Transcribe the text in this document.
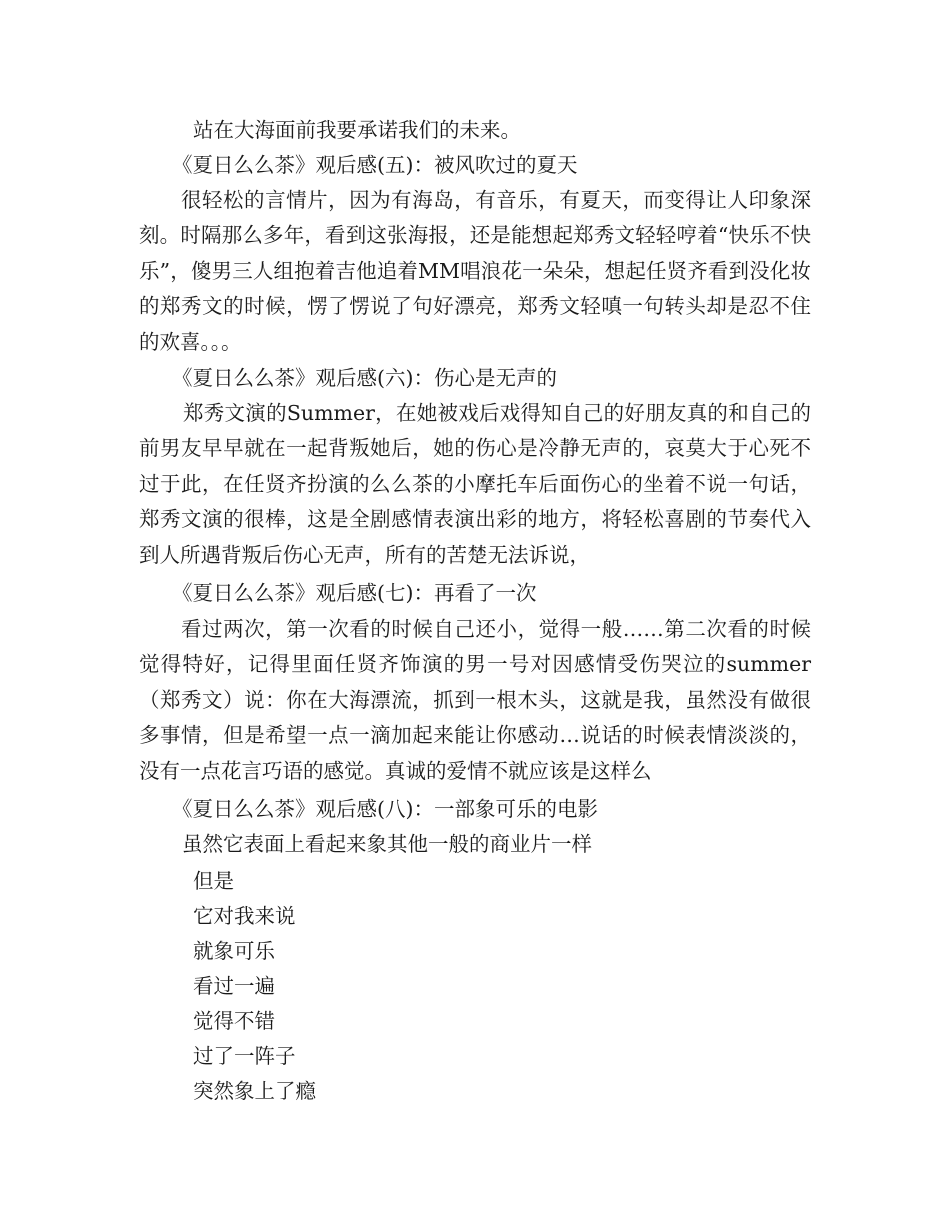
站在大海面前我要承诺我们的未来。
《夏日么么茶》观后感(五)：被风吹过的夏天
很轻松的言情片，因为有海岛，有音乐，有夏天，而变得让人印象深刻。时隔那么多年，看到这张海报，还是能想起郑秀文轻轻哼着“快乐不快乐”，傻男三人组抱着吉他追着MM唱浪花一朵朵，想起任贤齐看到没化妆的郑秀文的时候，愣了愣说了句好漂亮，郑秀文轻嗔一句转头却是忍不住的欢喜。。。
《夏日么么茶》观后感(六)：伤心是无声的
郑秀文演的Summer，在她被戏后戏得知自己的好朋友真的和自己的前男友早早就在一起背叛她后，她的伤心是冷静无声的，哀莫大于心死不过于此，在任贤齐扮演的么么茶的小摩托车后面伤心的坐着不说一句话，郑秀文演的很棒，这是全剧感情表演出彩的地方，将轻松喜剧的节奏代入到人所遇背叛后伤心无声，所有的苦楚无法诉说，
《夏日么么茶》观后感(七)：再看了一次
看过两次，第一次看的时候自己还小，觉得一般……第二次看的时候觉得特好，记得里面任贤齐饰演的男一号对因感情受伤哭泣的summer（郑秀文）说：你在大海漂流，抓到一根木头，这就是我，虽然没有做很多事情，但是希望一点一滴加起来能让你感动…说话的时候表情淡淡的，没有一点花言巧语的感觉。真诚的爱情不就应该是这样么
《夏日么么茶》观后感(八)：一部象可乐的电影
虽然它表面上看起来象其他一般的商业片一样
但是
它对我来说
就象可乐
看过一遍
觉得不错
过了一阵子
突然象上了瘾
